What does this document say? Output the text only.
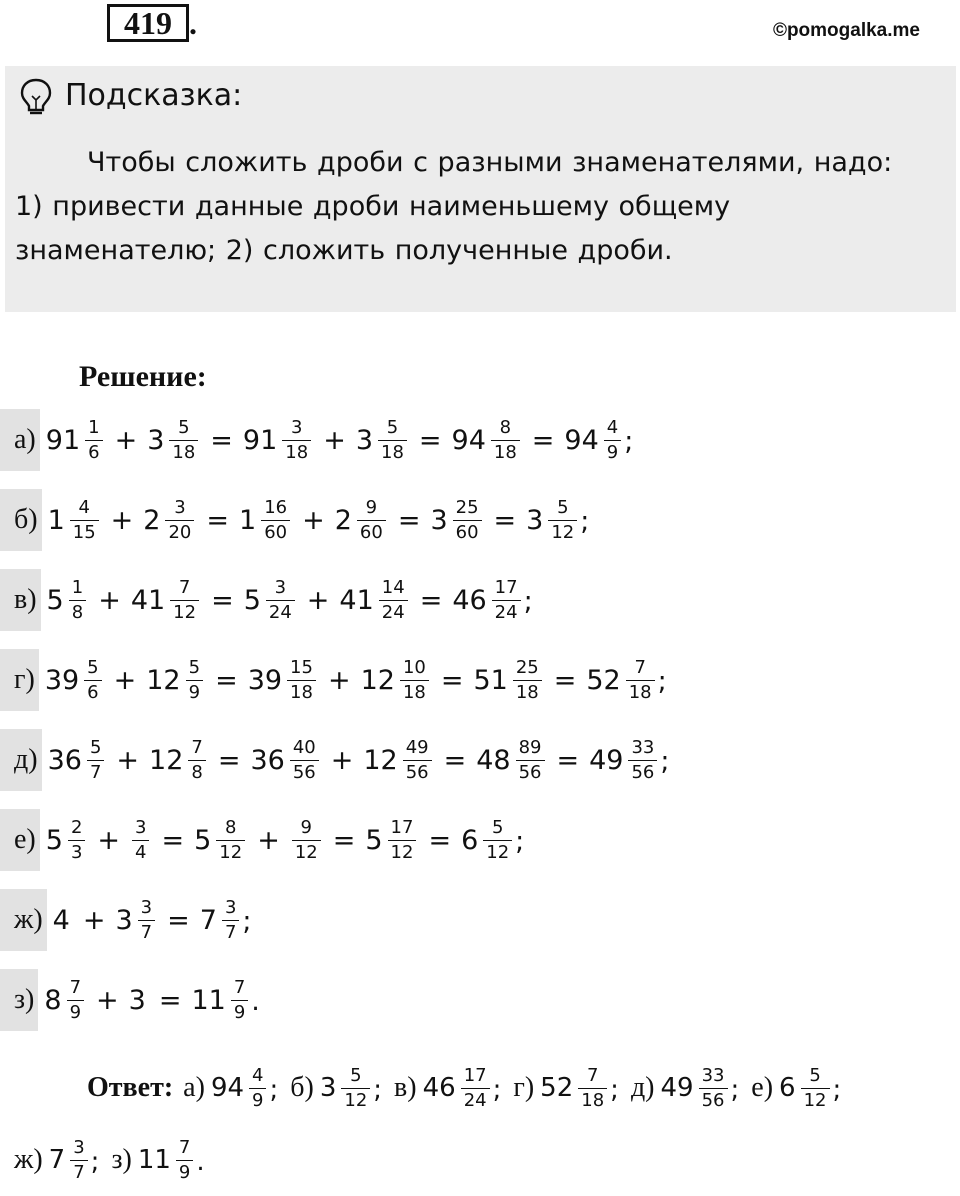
419 .	©pomogalka.me
Подсказка:
Чтобы сложить дроби с разными знаменателями, надо:
1) привести данные дроби наименьшему общему
знаменателю; 2) сложить полученные дроби.
Решение:
а) $91 \frac{1}{6} + 3 \frac{5}{18} = 91 \frac{3}{18} + 3 \frac{5}{18} = 94 \frac{8}{18} = 94 \frac{4}{9}$ ;
б) $1 \frac{4}{15} + 2 \frac{3}{20} = 1 \frac{16}{60} + 2 \frac{9}{60} = 3 \frac{25}{60} = 3 \frac{5}{12}$ ;
в) $5 \frac{1}{8} + 41 \frac{7}{12} = 5 \frac{3}{24} + 41 \frac{14}{24} = 46 \frac{17}{24}$ ;
г) $39 \frac{5}{6} + 12 \frac{5}{9} = 39 \frac{15}{18} + 12 \frac{10}{18} = 51 \frac{25}{18} = 52 \frac{7}{18}$ ;
д) $36 \frac{5}{7} + 12 \frac{7}{8} = 36 \frac{40}{56} + 12 \frac{49}{56} = 48 \frac{89}{56} = 49 \frac{33}{56}$ ;
е) $5 \frac{2}{3} + \frac{3}{4} = 5 \frac{8}{12} + \frac{9}{12} = 5 \frac{17}{12} = 6 \frac{5}{12}$ ;
ж) $4 + 3 \frac{3}{7} = 7 \frac{3}{7}$ ;
з) $8 \frac{7}{9} + 3 = 11 \frac{7}{9}$ .
Ответ: а) $94 \frac{4}{9}$ ; б) $3 \frac{5}{12}$ ; в) $46 \frac{17}{24}$ ; г) $52 \frac{7}{18}$ ; д) $49 \frac{33}{56}$ ; е) $6 \frac{5}{12}$ ;
ж) $7 \frac{3}{7}$ ; з) $11 \frac{7}{9}$ .
